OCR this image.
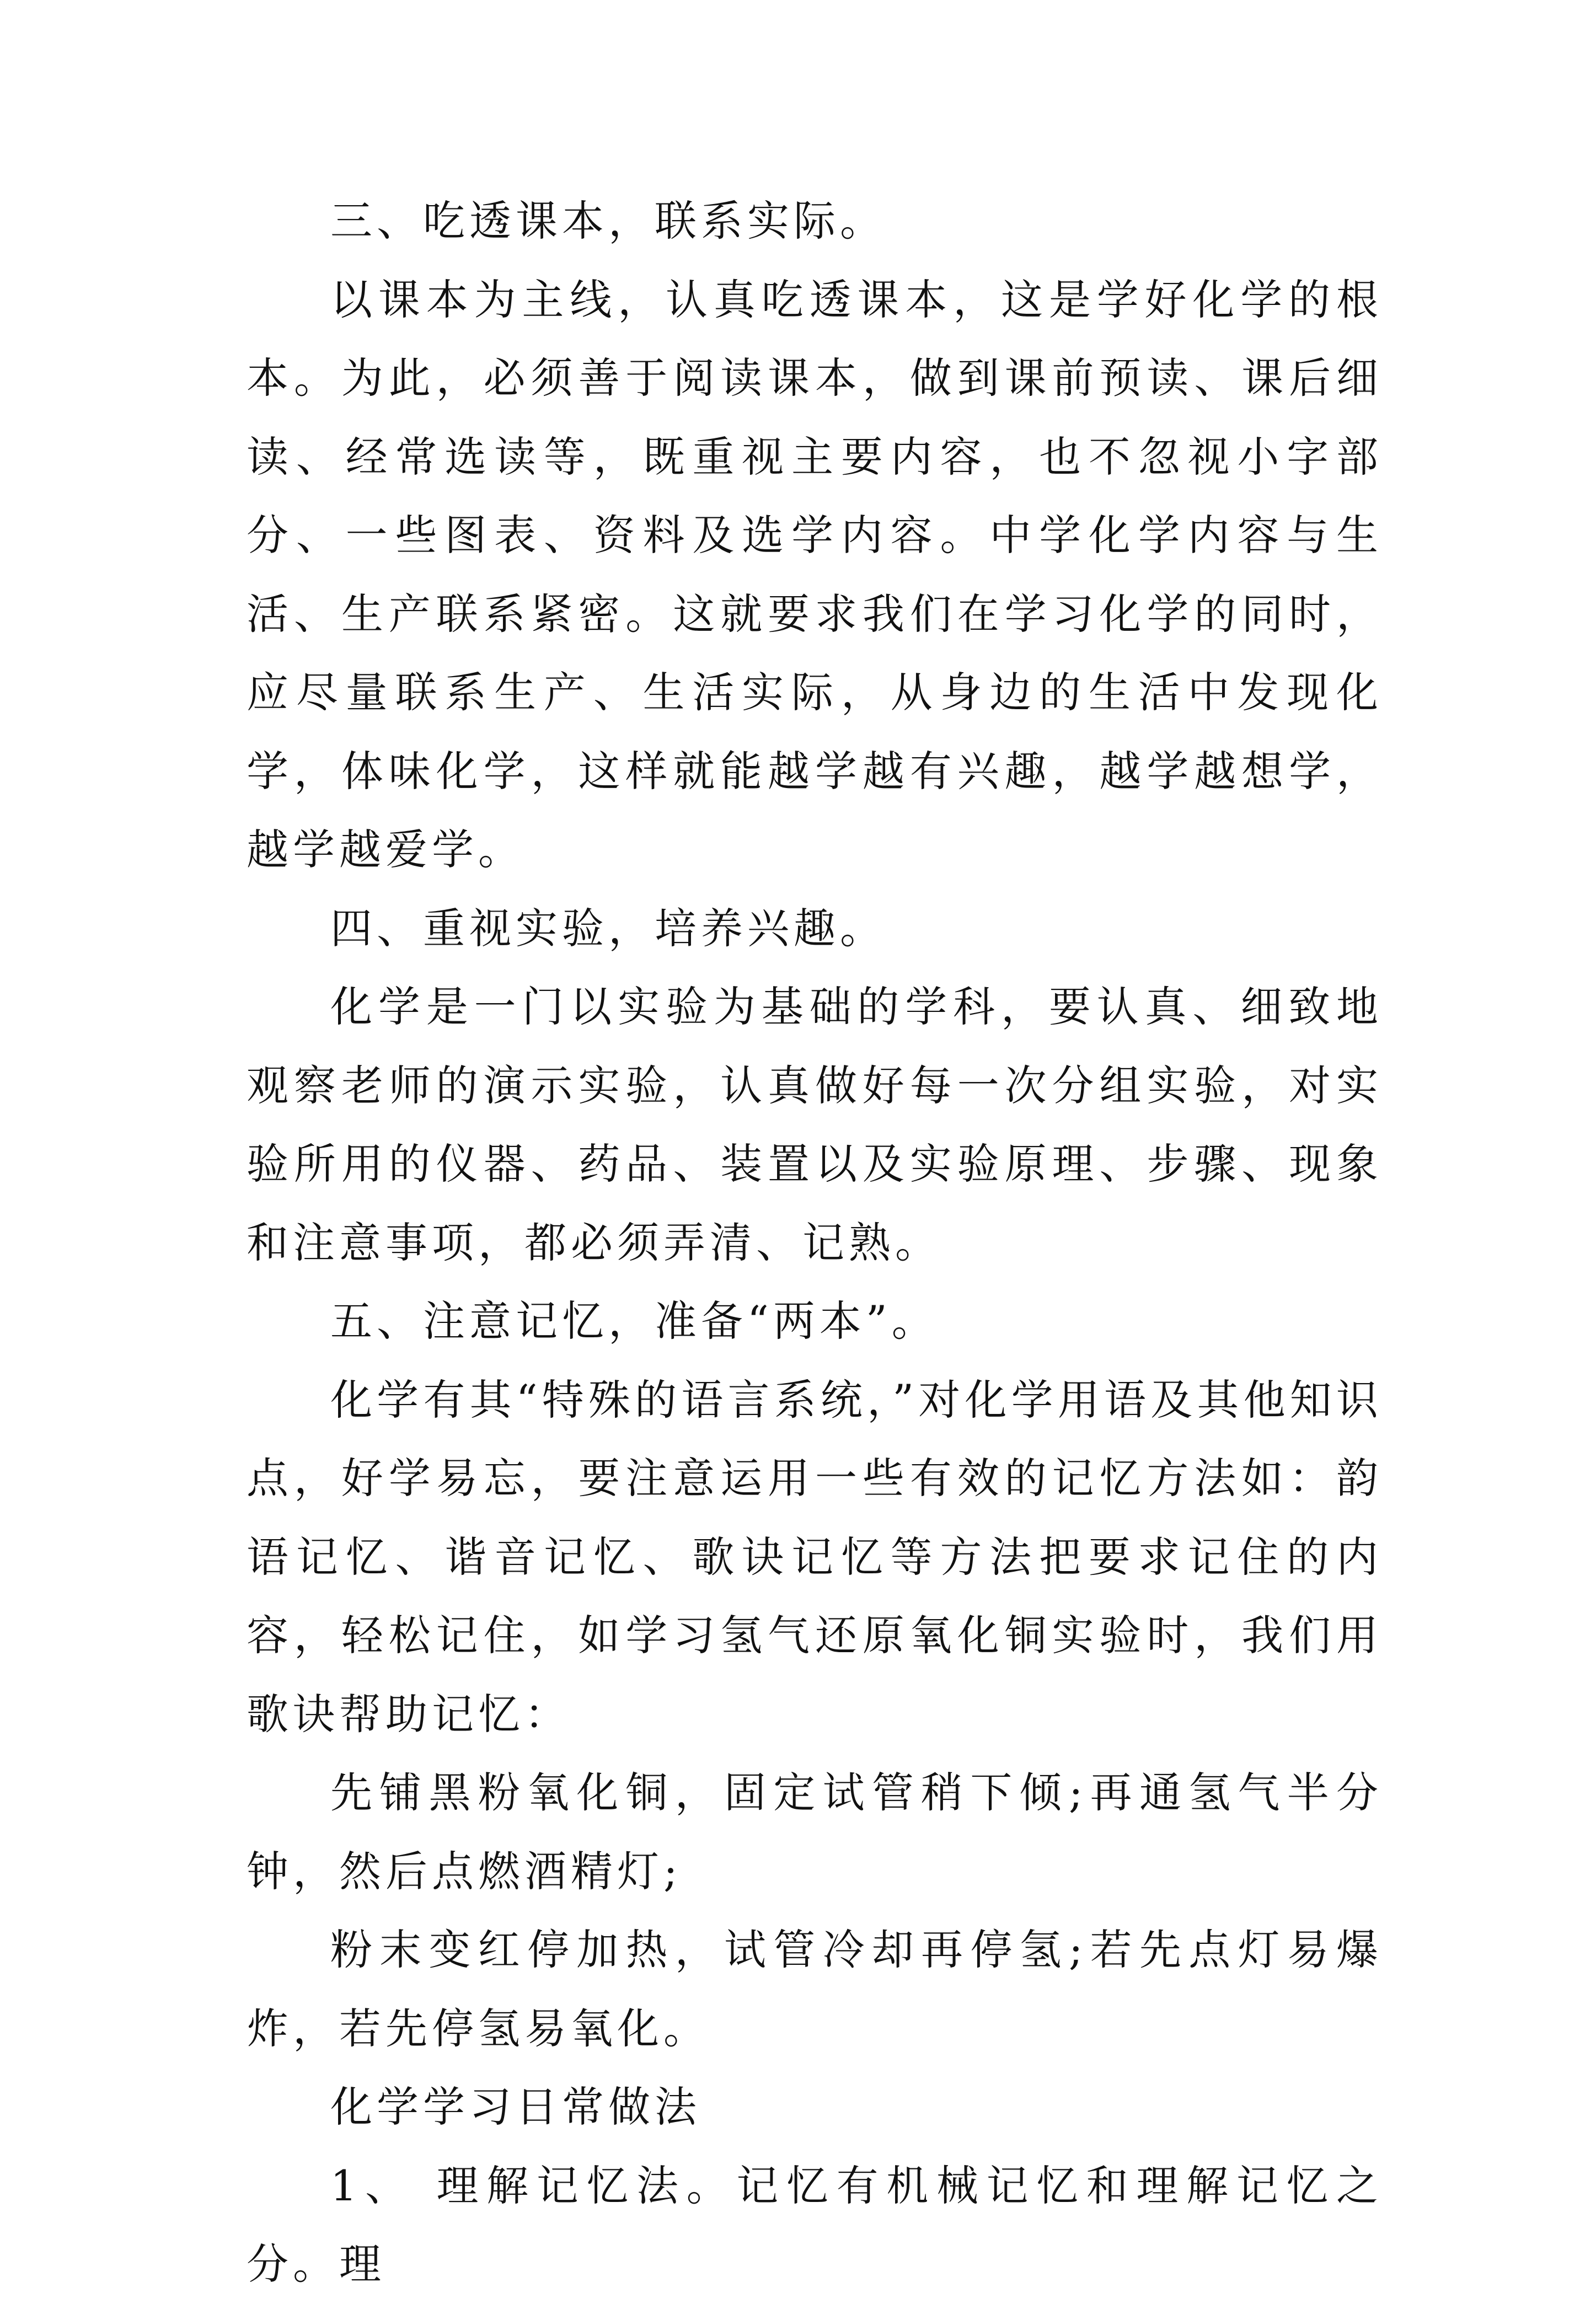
三、吃透课本，联系实际。

以课本为主线，认真吃透课本，这是学好化学的根本。为此，必须善于阅读课本，做到课前预读、课后细读、经常选读等，既重视主要内容，也不忽视小字部分、一些图表、资料及选学内容。中学化学内容与生活、生产联系紧密。这就要求我们在学习化学的同时，应尽量联系生产、生活实际，从身边的生活中发现化学，体味化学，这样就能越学越有兴趣，越学越想学，越学越爱学。

四、重视实验，培养兴趣。

化学是一门以实验为基础的学科，要认真、细致地观察老师的演示实验，认真做好每一次分组实验，对实验所用的仪器、药品、装置以及实验原理、步骤、现象和注意事项，都必须弄清、记熟。

五、注意记忆，准备“两本”。

化学有其“特殊的语言系统，”对化学用语及其他知识点，好学易忘，要注意运用一些有效的记忆方法如：韵语记忆、谐音记忆、歌诀记忆等方法把要求记住的内容，轻松记住，如学习氢气还原氧化铜实验时，我们用歌诀帮助记忆：

先铺黑粉氧化铜，固定试管稍下倾;再通氢气半分钟，然后点燃酒精灯;

粉末变红停加热，试管冷却再停氢;若先点灯易爆炸，若先停氢易氧化。

化学学习日常做法

1、 理解记忆法。记忆有机械记忆和理解记忆之分。理
